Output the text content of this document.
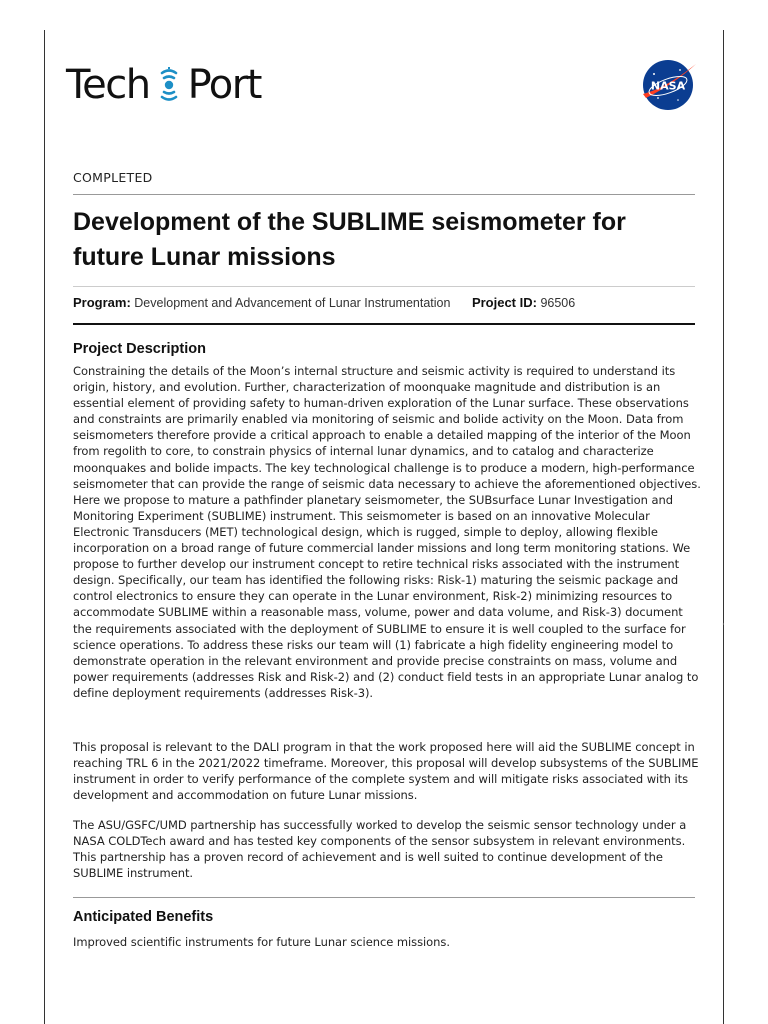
·
Tech Port	NASA
COMPLETED
Development of the SUBLIME seismometer for future Lunar missions
Program: Development and Advancement of Lunar Instrumentation Project ID: 96506
Project Description

Constraining the details of the Moon’s internal structure and seismic activity is required to understand its origin, history, and evolution. Further, characterization of moonquake magnitude and distribution is an essential element of providing safety to human-driven exploration of the Lunar surface. These observations and constraints are primarily enabled via monitoring of seismic and bolide activity on the Moon. Data from seismometers therefore provide a critical approach to enable a detailed mapping of the interior of the Moon from regolith to core, to constrain physics of internal lunar dynamics, and to catalog and characterize moonquakes and bolide impacts. The key technological challenge is to produce a modern, high-performance seismometer that can provide the range of seismic data necessary to achieve the aforementioned objectives. Here we propose to mature a pathfinder planetary seismometer, the SUBsurface Lunar Investigation and Monitoring Experiment (SUBLIME) instrument. This seismometer is based on an innovative Molecular Electronic Transducers (MET) technological design, which is rugged, simple to deploy, allowing flexible incorporation on a broad range of future commercial lander missions and long term monitoring stations. We propose to further develop our instrument concept to retire technical risks associated with the instrument design. Specifically, our team has identified the following risks: Risk-1) maturing the seismic package and control electronics to ensure they can operate in the Lunar environment, Risk-2) minimizing resources to accommodate SUBLIME within a reasonable mass, volume, power and data volume, and Risk-3) document the requirements associated with the deployment of SUBLIME to ensure it is well coupled to the surface for science operations. To address these risks our team will (1) fabricate a high fidelity engineering model to demonstrate operation in the relevant environment and provide precise constraints on mass, volume and power requirements (addresses Risk and Risk-2) and (2) conduct field tests in an appropriate Lunar analog to define deployment requirements (addresses Risk-3).

This proposal is relevant to the DALI program in that the work proposed here will aid the SUBLIME concept in reaching TRL 6 in the 2021/2022 timeframe. Moreover, this proposal will develop subsystems of the SUBLIME instrument in order to verify performance of the complete system and will mitigate risks associated with its development and accommodation on future Lunar missions.

The ASU/GSFC/UMD partnership has successfully worked to develop the seismic sensor technology under a NASA COLDTech award and has tested key components of the sensor subsystem in relevant environments. This partnership has a proven record of achievement and is well suited to continue development of the SUBLIME instrument.

Anticipated Benefits

Improved scientific instruments for future Lunar science missions.
